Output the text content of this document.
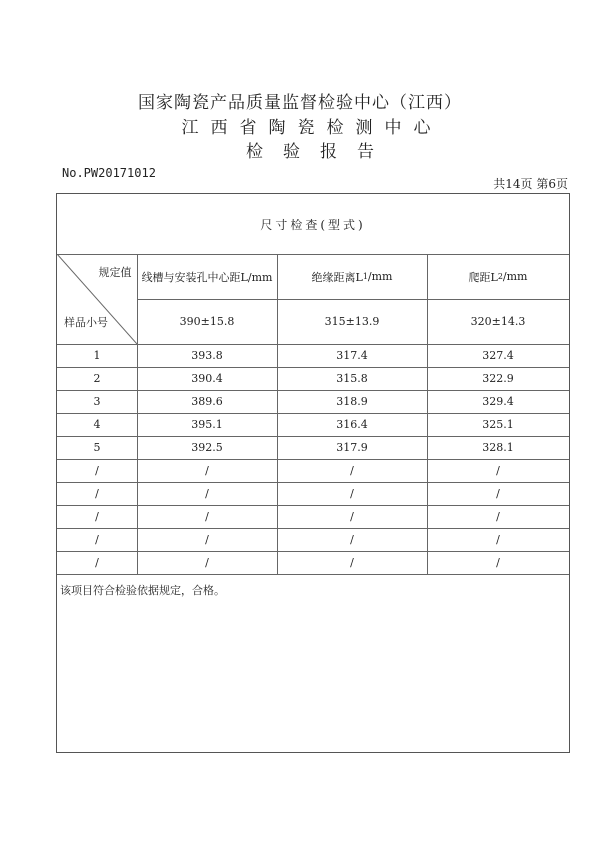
国家陶瓷产品质量监督检验中心（江西）
江西省陶瓷检测中心
检验报告
No.PW20171012
共14页 第6页
尺寸检查(型式)
规定值
样品小号
线槽与安装孔中心距L/mm	绝缘距离L 1 /mm	爬距L 2 /mm
390±15.8	315±13.9	320±14.3
1	393.8	317.4	327.4
2	390.4	315.8	322.9
3	389.6	318.9	329.4
4	395.1	316.4	325.1
5	392.5	317.9	328.1
/	/	/	/
/	/	/	/
/	/	/	/
/	/	/	/
/	/	/	/
该项目符合检验依据规定，合格。
